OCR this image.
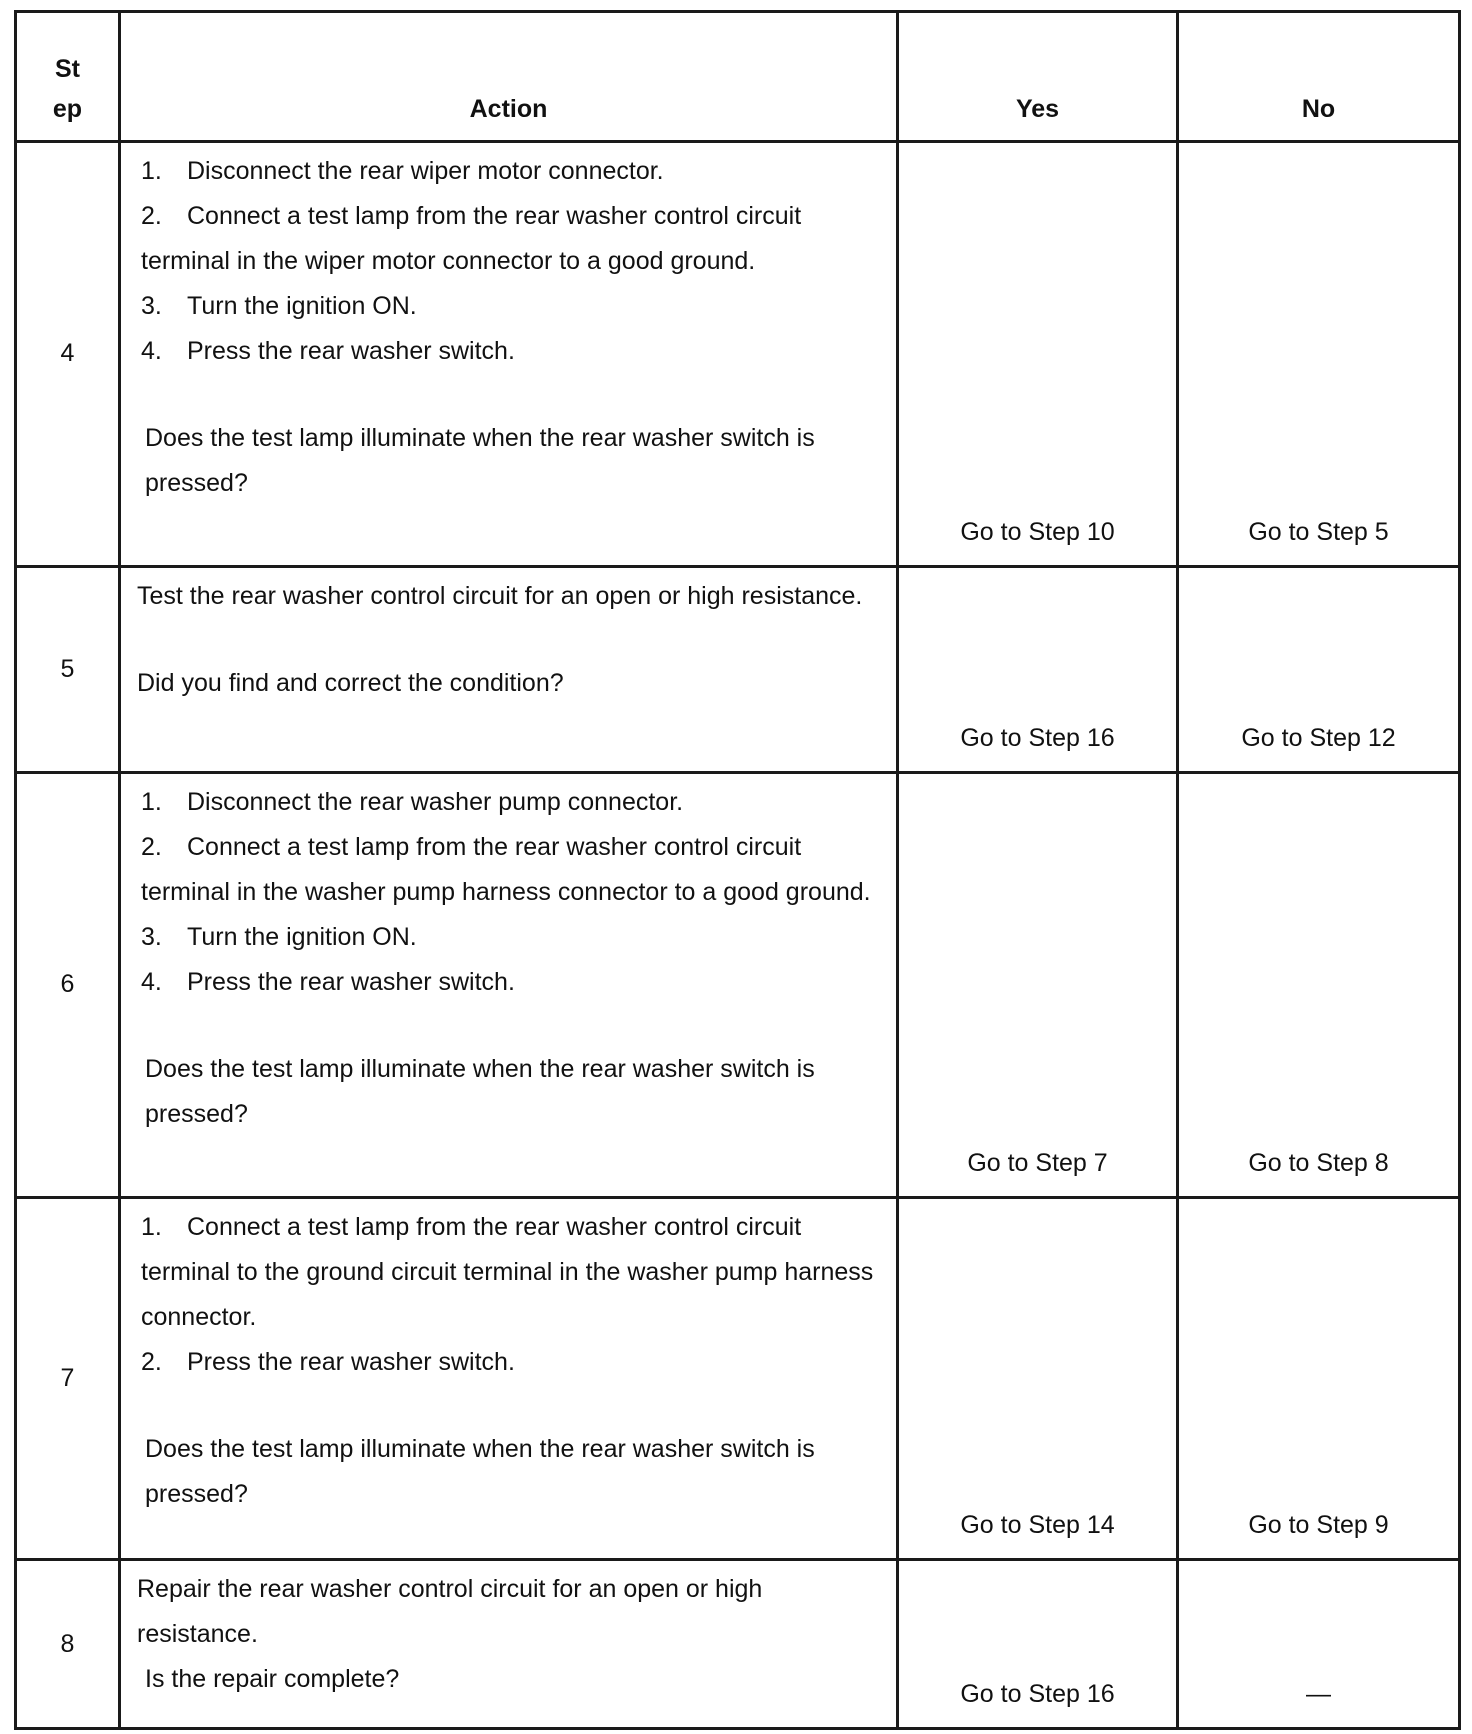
St ep	Action	Yes	No
4	1. Disconnect the rear wiper motor connector.
2. Connect a test lamp from the rear washer control circuit terminal in the wiper motor connector to a good ground.
3. Turn the ignition ON.
4. Press the rear washer switch.
Does the test lamp illuminate when the rear washer switch is pressed?	Go to Step 10	Go to Step 5
5	Test the rear washer control circuit for an open or high resistance.
Did you find and correct the condition?	Go to Step 16	Go to Step 12
6	1. Disconnect the rear washer pump connector.
2. Connect a test lamp from the rear washer control circuit terminal in the washer pump harness connector to a good ground.
3. Turn the ignition ON.
4. Press the rear washer switch.
Does the test lamp illuminate when the rear washer switch is pressed?	Go to Step 7	Go to Step 8
7	1. Connect a test lamp from the rear washer control circuit terminal to the ground circuit terminal in the washer pump harness connector.
2. Press the rear washer switch.
Does the test lamp illuminate when the rear washer switch is pressed?	Go to Step 14	Go to Step 9
8	Repair the rear washer control circuit for an open or high resistance.
Is the repair complete?	Go to Step 16	—
